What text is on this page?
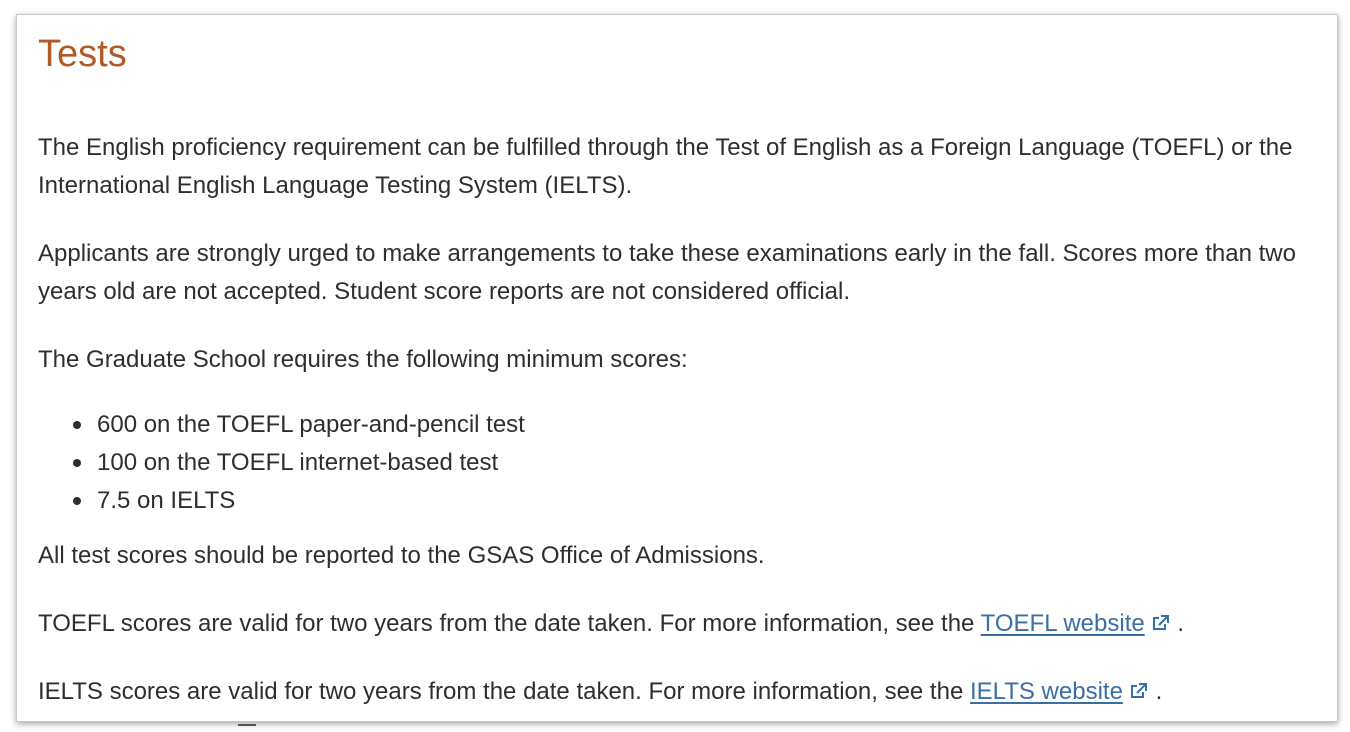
Tests

The English proficiency requirement can be fulfilled through the Test of English as a Foreign Language (TOEFL) or the International English Language Testing System (IELTS).

Applicants are strongly urged to make arrangements to take these examinations early in the fall. Scores more than two years old are not accepted. Student score reports are not considered official.

The Graduate School requires the following minimum scores:

600 on the TOEFL paper-and-pencil test
100 on the TOEFL internet-based test
7.5 on IELTS

All test scores should be reported to the GSAS Office of Admissions.

TOEFL scores are valid for two years from the date taken. For more information, see the TOEFL website .

IELTS scores are valid for two years from the date taken. For more information, see the IELTS website .
